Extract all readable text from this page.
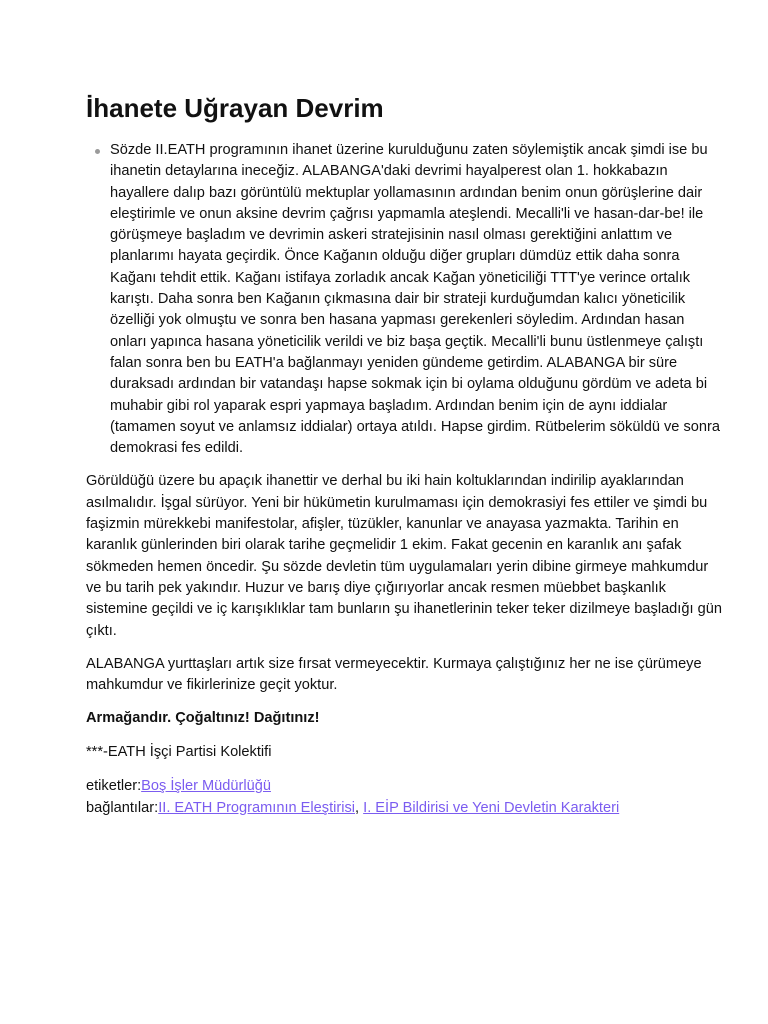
İhanete Uğrayan Devrim
Sözde II.EATH programının ihanet üzerine kurulduğunu zaten söylemiştik ancak şimdi ise bu ihanetin detaylarına ineceğiz. ALABANGA'daki devrimi hayalperest olan 1. hokkabazın hayallere dalıp bazı görüntülü mektuplar yollamasının ardından benim onun görüşlerine dair eleştirimle ve onun aksine devrim çağrısı yapmamla ateşlendi. Mecalli'li ve hasan-dar-be! ile görüşmeye başladım ve devrimin askeri stratejisinin nasıl olması gerektiğini anlattım ve planlarımı hayata geçirdik. Önce Kağanın olduğu diğer grupları dümdüz ettik daha sonra Kağanı tehdit ettik. Kağanı istifaya zorladık ancak Kağan yöneticiliği TTT'ye verince ortalık karıştı. Daha sonra ben Kağanın çıkmasına dair bir strateji kurduğumdan kalıcı yöneticilik özelliği yok olmuştu ve sonra ben hasana yapması gerekenleri söyledim. Ardından hasan onları yapınca hasana yöneticilik verildi ve biz başa geçtik. Mecalli'li bunu üstlenmeye çalıştı falan sonra ben bu EATH'a bağlanmayı yeniden gündeme getirdim. ALABANGA bir süre duraksadı ardından bir vatandaşı hapse sokmak için bi oylama olduğunu gördüm ve adeta bi muhabir gibi rol yaparak espri yapmaya başladım. Ardından benim için de aynı iddialar (tamamen soyut ve anlamsız iddialar) ortaya atıldı. Hapse girdim. Rütbelerim söküldü ve sonra demokrasi fes edildi.

Görüldüğü üzere bu apaçık ihanettir ve derhal bu iki hain koltuklarından indirilip ayaklarından asılmalıdır. İşgal sürüyor. Yeni bir hükümetin kurulmaması için demokrasiyi fes ettiler ve şimdi bu faşizmin mürekkebi manifestolar, afişler, tüzükler, kanunlar ve anayasa yazmakta. Tarihin en karanlık günlerinden biri olarak tarihe geçmelidir 1 ekim. Fakat gecenin en karanlık anı şafak sökmeden hemen öncedir. Şu sözde devletin tüm uygulamaları yerin dibine girmeye mahkumdur ve bu tarih pek yakındır. Huzur ve barış diye çığırıyorlar ancak resmen müebbet başkanlık sistemine geçildi ve iç karışıklıklar tam bunların şu ihanetlerinin teker teker dizilmeye başladığı gün çıktı.

ALABANGA yurttaşları artık size fırsat vermeyecektir. Kurmaya çalıştığınız her ne ise çürümeye mahkumdur ve fikirlerinize geçit yoktur.

Armağandır. Çoğaltınız! Dağıtınız!

***-EATH İşçi Partisi Kolektifi

etiketler:Boş İşler Müdürlüğü
bağlantılar:II. EATH Programının Eleştirisi, I. EİP Bildirisi ve Yeni Devletin Karakteri
